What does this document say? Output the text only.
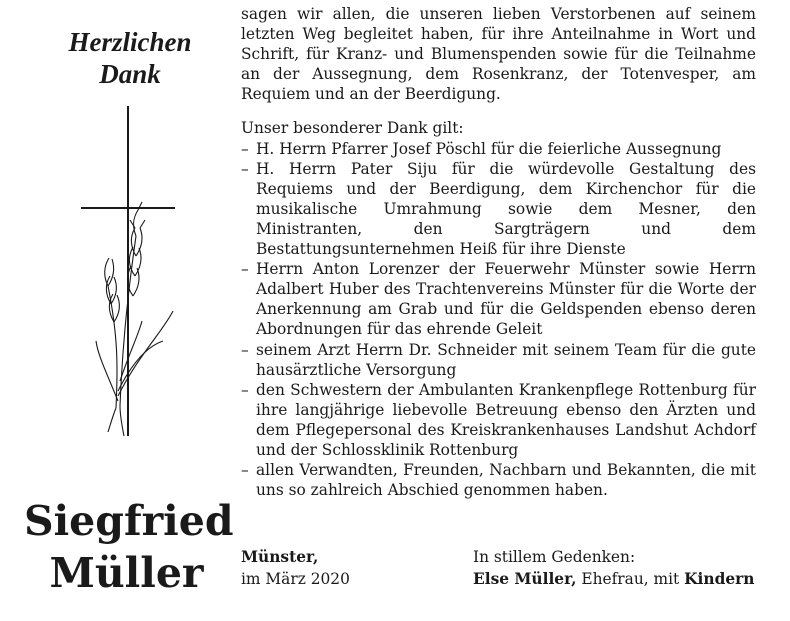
Herzlichen
Dank
Siegfried
Müller

sagen wir allen, die unseren lieben Verstorbenen auf seinem letzten Weg begleitet haben, für ihre Anteilnahme in Wort und Schrift, für Kranz- und Blumenspenden sowie für die Teilnahme an der Aussegnung, dem Rosenkranz, der Totenvesper, am Requiem und an der Beerdigung.

Unser besonderer Dank gilt:

– H. Herrn Pfarrer Josef Pöschl für die feierliche Aussegnung
– H. Herrn Pater Siju für die würdevolle Gestaltung des Requiems und der Beerdigung, dem Kirchenchor für die musikalische Umrahmung sowie dem Mesner, den Ministranten, den Sargträgern und dem Bestattungsunternehmen Heiß für ihre Dienste
– Herrn Anton Lorenzer der Feuerwehr Münster sowie Herrn Adalbert Huber des Trachtenvereins Münster für die Worte der Anerkennung am Grab und für die Geldspenden ebenso deren Abordnungen für das ehrende Geleit
– seinem Arzt Herrn Dr. Schneider mit seinem Team für die gute hausärztliche Versorgung
– den Schwestern der Ambulanten Krankenpflege Rottenburg für ihre langjährige liebevolle Betreuung ebenso den Ärzten und dem Pflegepersonal des Kreiskrankenhauses Landshut Achdorf und der Schlossklinik Rottenburg
– allen Verwandten, Freunden, Nachbarn und Bekannten, die mit uns so zahlreich Abschied genommen haben.
Münster,
im März 2020
In stillem Gedenken:
Else Müller, Ehefrau, mit Kindern
